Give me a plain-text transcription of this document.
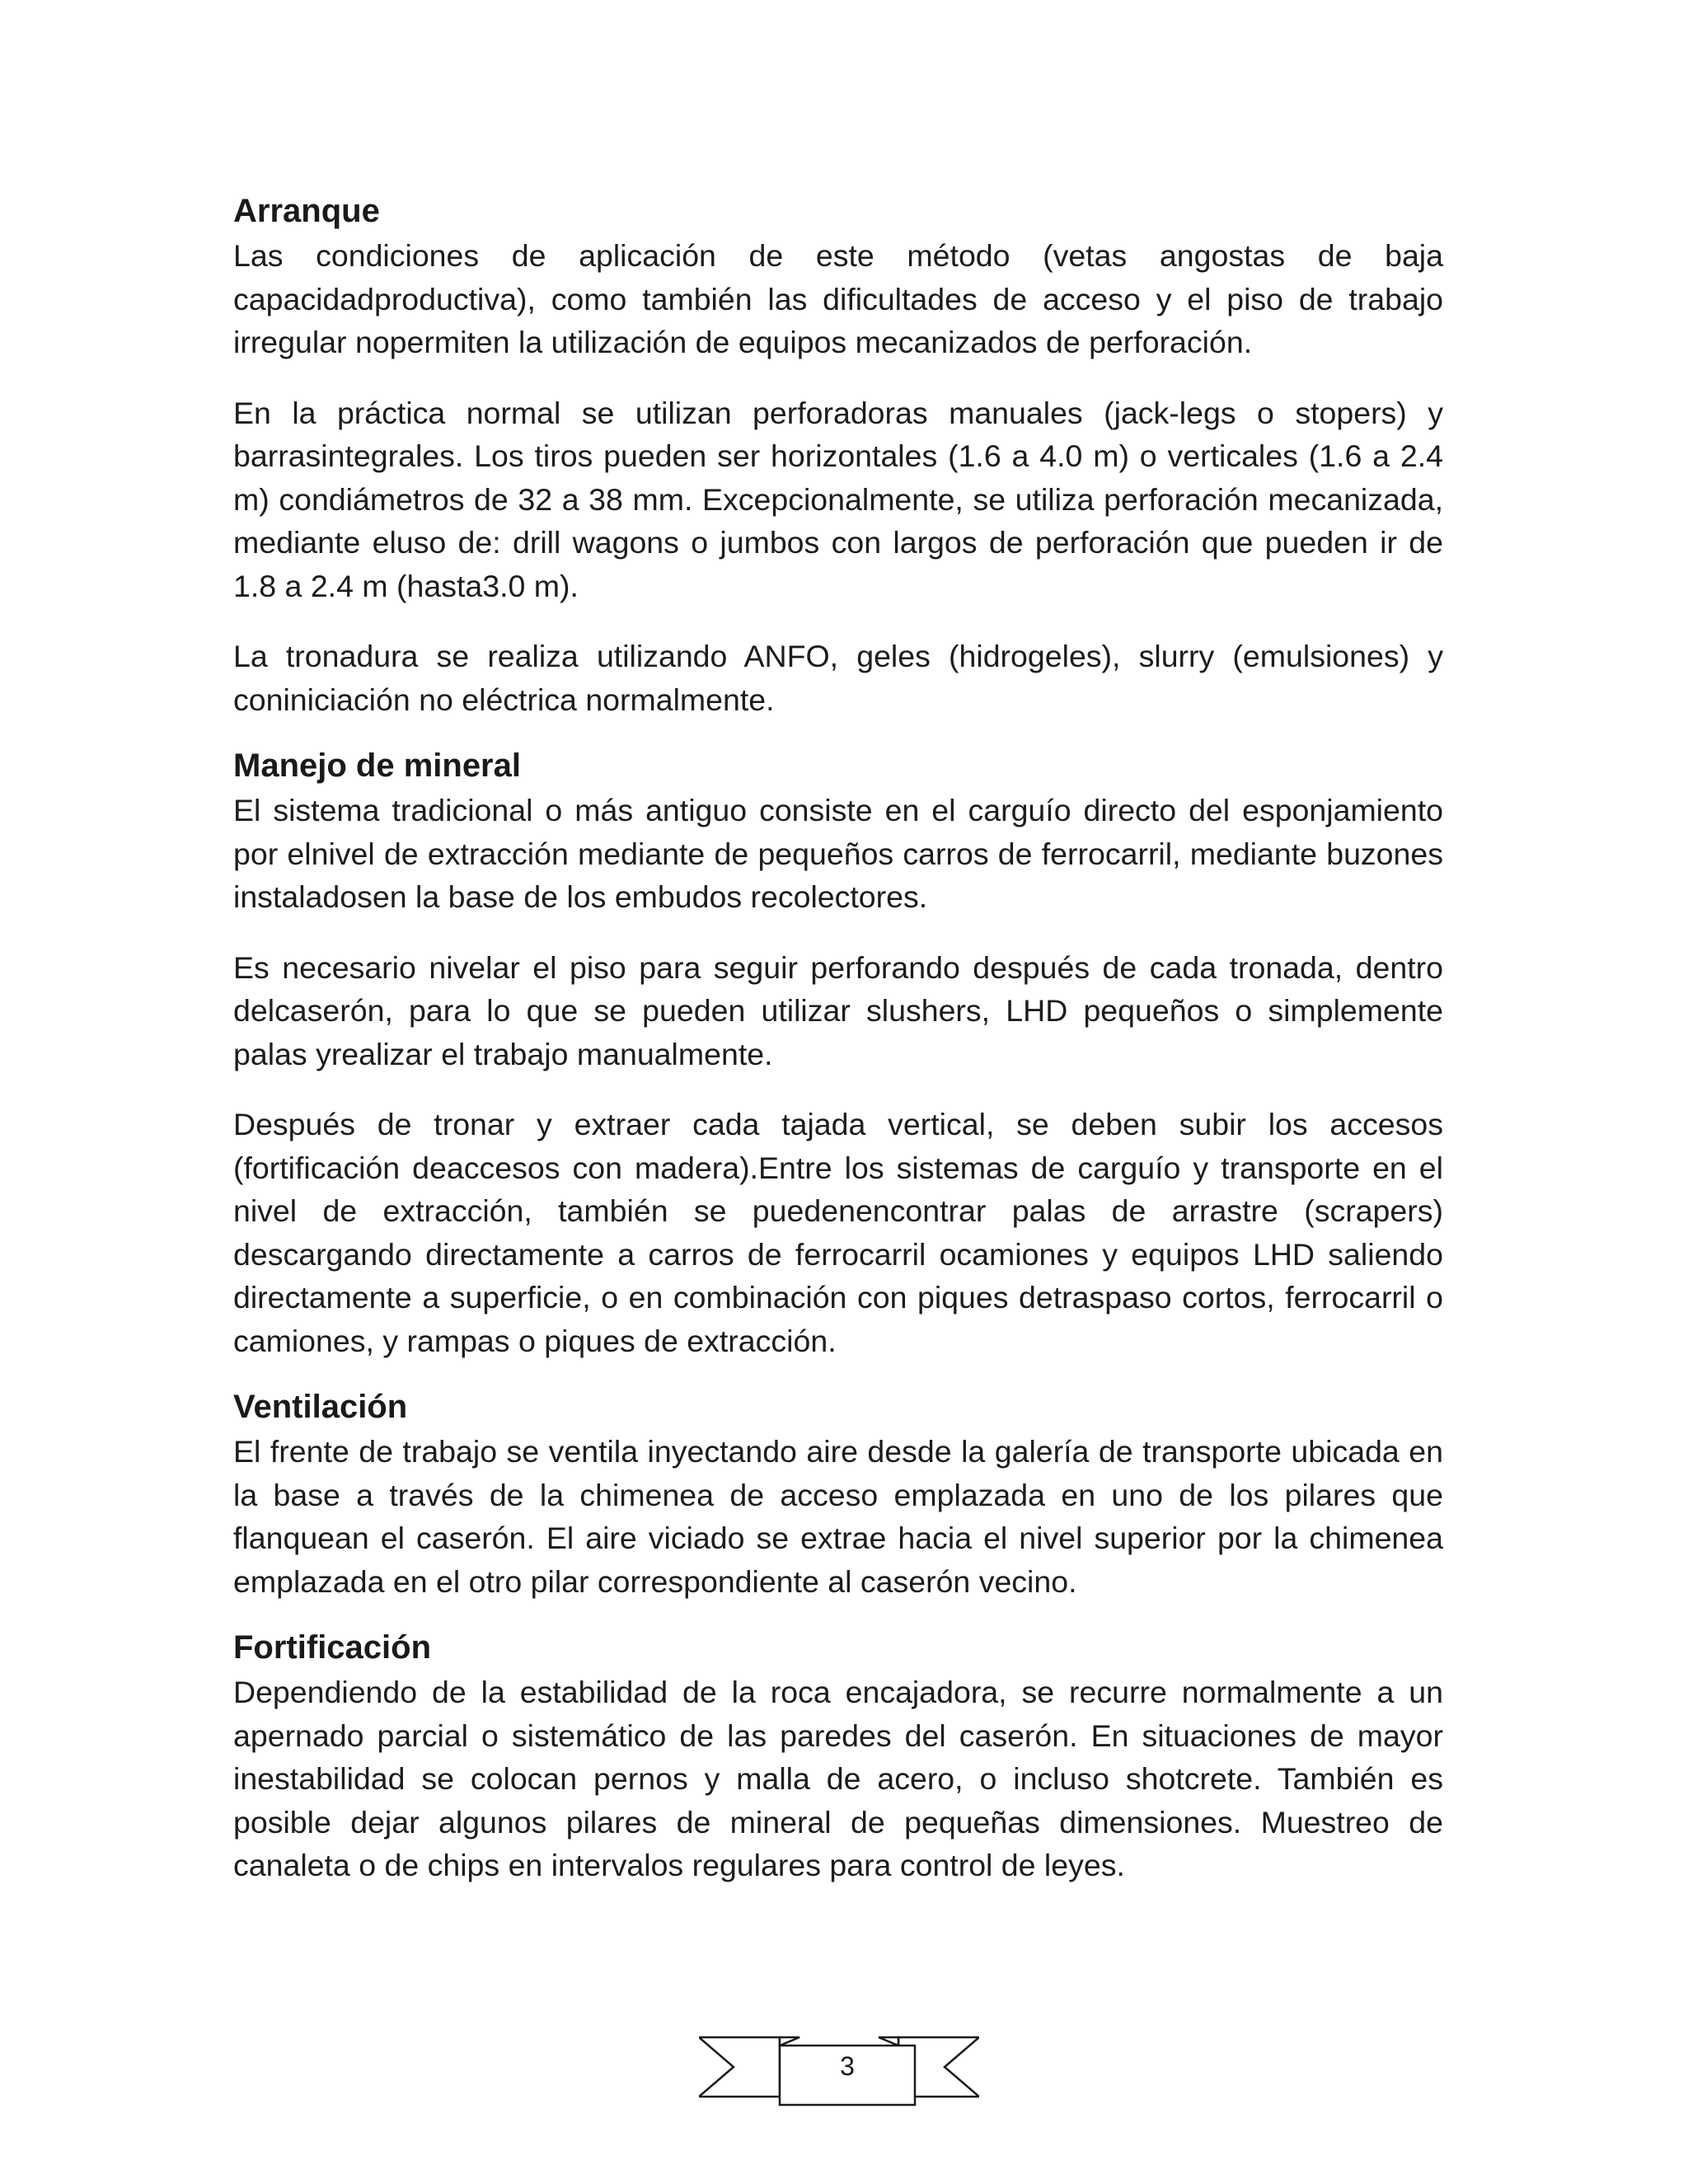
Arranque

Las condiciones de aplicación de este método (vetas angostas de baja capacidadproductiva), como también las dificultades de acceso y el piso de trabajo irregular nopermiten la utilización de equipos mecanizados de perforación.

En la práctica normal se utilizan perforadoras manuales (jack-legs o stopers) y barrasintegrales. Los tiros pueden ser horizontales (1.6 a 4.0 m) o verticales (1.6 a 2.4 m) condiámetros de 32 a 38 mm. Excepcionalmente, se utiliza perforación mecanizada, mediante eluso de: drill wagons o jumbos con largos de perforación que pueden ir de 1.8 a 2.4 m (hasta3.0 m).

La tronadura se realiza utilizando ANFO, geles (hidrogeles), slurry (emulsiones) y coniniciación no eléctrica normalmente.

Manejo de mineral

El sistema tradicional o más antiguo consiste en el carguío directo del esponjamiento por elnivel de extracción mediante de pequeños carros de ferrocarril, mediante buzones instaladosen la base de los embudos recolectores.

Es necesario nivelar el piso para seguir perforando después de cada tronada, dentro delcaserón, para lo que se pueden utilizar slushers, LHD pequeños o simplemente palas yrealizar el trabajo manualmente.

Después de tronar y extraer cada tajada vertical, se deben subir los accesos (fortificación deaccesos con madera).Entre los sistemas de carguío y transporte en el nivel de extracción, también se puedenencontrar palas de arrastre (scrapers) descargando directamente a carros de ferrocarril ocamiones y equipos LHD saliendo directamente a superficie, o en combinación con piques detraspaso cortos, ferrocarril o camiones, y rampas o piques de extracción.

Ventilación

El frente de trabajo se ventila inyectando aire desde la galería de transporte ubicada en la base a través de la chimenea de acceso emplazada en uno de los pilares que flanquean el caserón. El aire viciado se extrae hacia el nivel superior por la chimenea emplazada en el otro pilar correspondiente al caserón vecino.

Fortificación

Dependiendo de la estabilidad de la roca encajadora, se recurre normalmente a un apernado parcial o sistemático de las paredes del caserón. En situaciones de mayor inestabilidad se colocan pernos y malla de acero, o incluso shotcrete. También es posible dejar algunos pilares de mineral de pequeñas dimensiones. Muestreo de canaleta o de chips en intervalos regulares para control de leyes.

3
